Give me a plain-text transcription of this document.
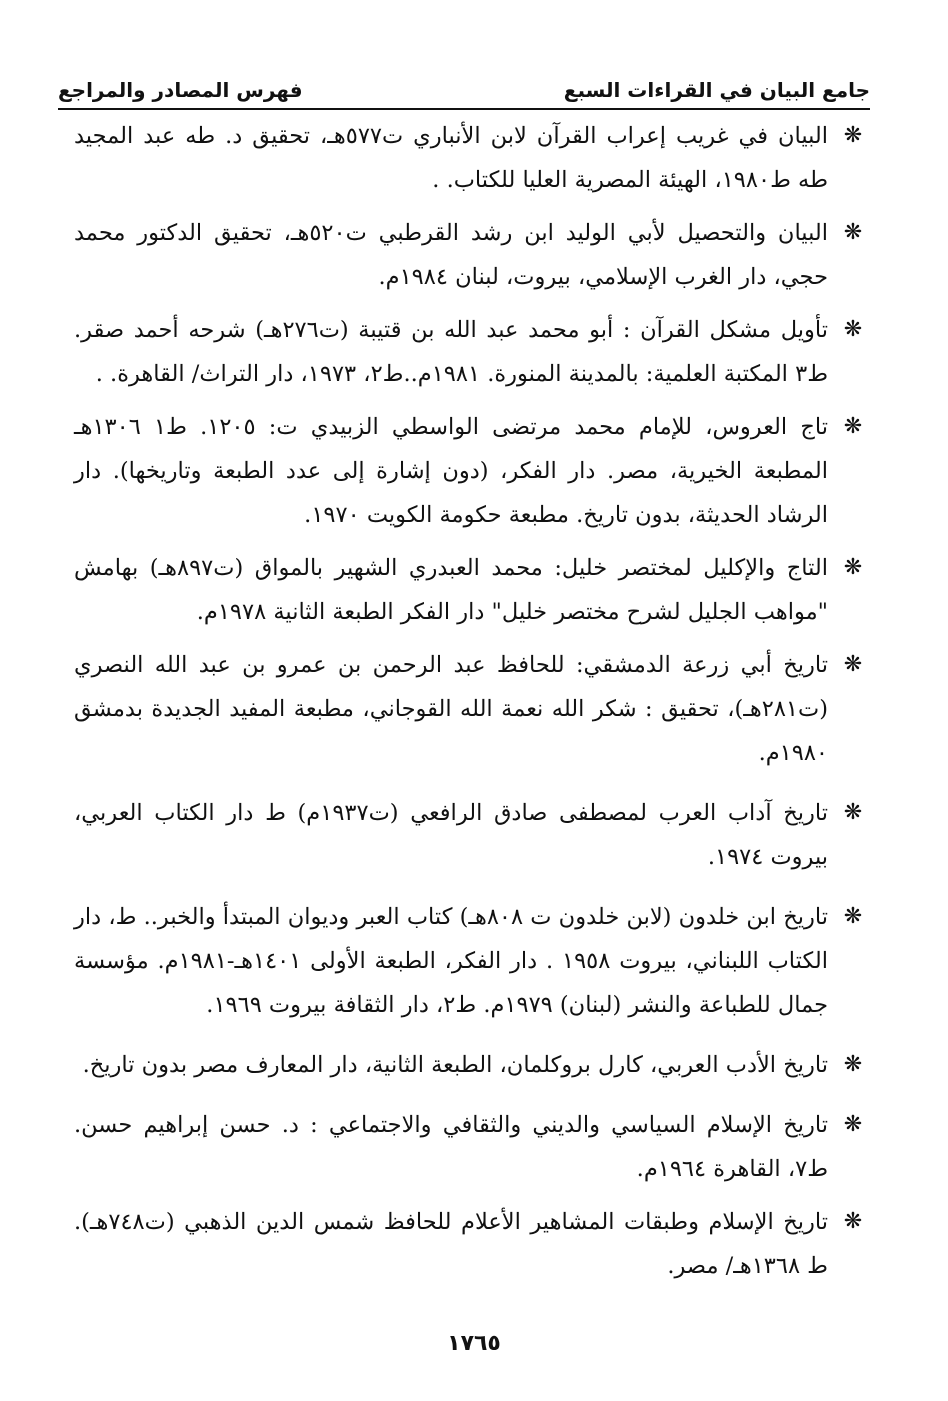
جامع البيان في القراءات السبع
فهرس المصادر والمراجع
❋
البيان في غريب إعراب القرآن لابن الأنباري ت٥٧٧هـ، تحقيق د. طه عبد المجيد طه ط١٩٨٠، الهيئة المصرية العليا للكتاب. .
❋
البيان والتحصيل لأبي الوليد ابن رشد القرطبي ت٥٢٠هـ، تحقيق الدكتور محمد حجي، دار الغرب الإسلامي، بيروت، لبنان ١٩٨٤م.
❋
تأويل مشكل القرآن : أبو محمد عبد الله بن قتيبة (ت٢٧٦هـ) شرحه أحمد صقر. ط٣ المكتبة العلمية: بالمدينة المنورة. ١٩٨١م..ط٢، ١٩٧٣، دار التراث/ القاهرة. .
❋
تاج العروس، للإمام محمد مرتضى الواسطي الزبيدي ت: ١٢٠٥. ط١ ١٣٠٦هـ المطبعة الخيرية، مصر. دار الفكر، (دون إشارة إلى عدد الطبعة وتاريخها). دار الرشاد الحديثة، بدون تاريخ. مطبعة حكومة الكويت ١٩٧٠.
❋
التاج والإكليل لمختصر خليل: محمد العبدري الشهير بالمواق (ت٨٩٧هـ) بهامش "مواهب الجليل لشرح مختصر خليل" دار الفكر الطبعة الثانية ١٩٧٨م.
❋
تاريخ أبي زرعة الدمشقي: للحافظ عبد الرحمن بن عمرو بن عبد الله النصري (ت٢٨١هـ)، تحقيق : شكر الله نعمة الله القوجاني، مطبعة المفيد الجديدة بدمشق ١٩٨٠م.
❋
تاريخ آداب العرب لمصطفى صادق الرافعي (ت١٩٣٧م) ط دار الكتاب العربي، بيروت ١٩٧٤.
❋
تاريخ ابن خلدون (لابن خلدون ت ٨٠٨هـ) كتاب العبر وديوان المبتدأ والخبر.. ط، دار الكتاب اللبناني، بيروت ١٩٥٨ . دار الفكر، الطبعة الأولى ١٤٠١هـ-١٩٨١م. مؤسسة جمال للطباعة والنشر (لبنان) ١٩٧٩م. ط٢، دار الثقافة بيروت ١٩٦٩.
❋
تاريخ الأدب العربي، كارل بروكلمان، الطبعة الثانية، دار المعارف مصر بدون تاريخ.
❋
تاريخ الإسلام السياسي والديني والثقافي والاجتماعي : د. حسن إبراهيم حسن. ط٧، القاهرة ١٩٦٤م.
❋
تاريخ الإسلام وطبقات المشاهير الأعلام للحافظ شمس الدين الذهبي (ت٧٤٨هـ). ط ١٣٦٨هـ/ مصر.
١٧٦٥
